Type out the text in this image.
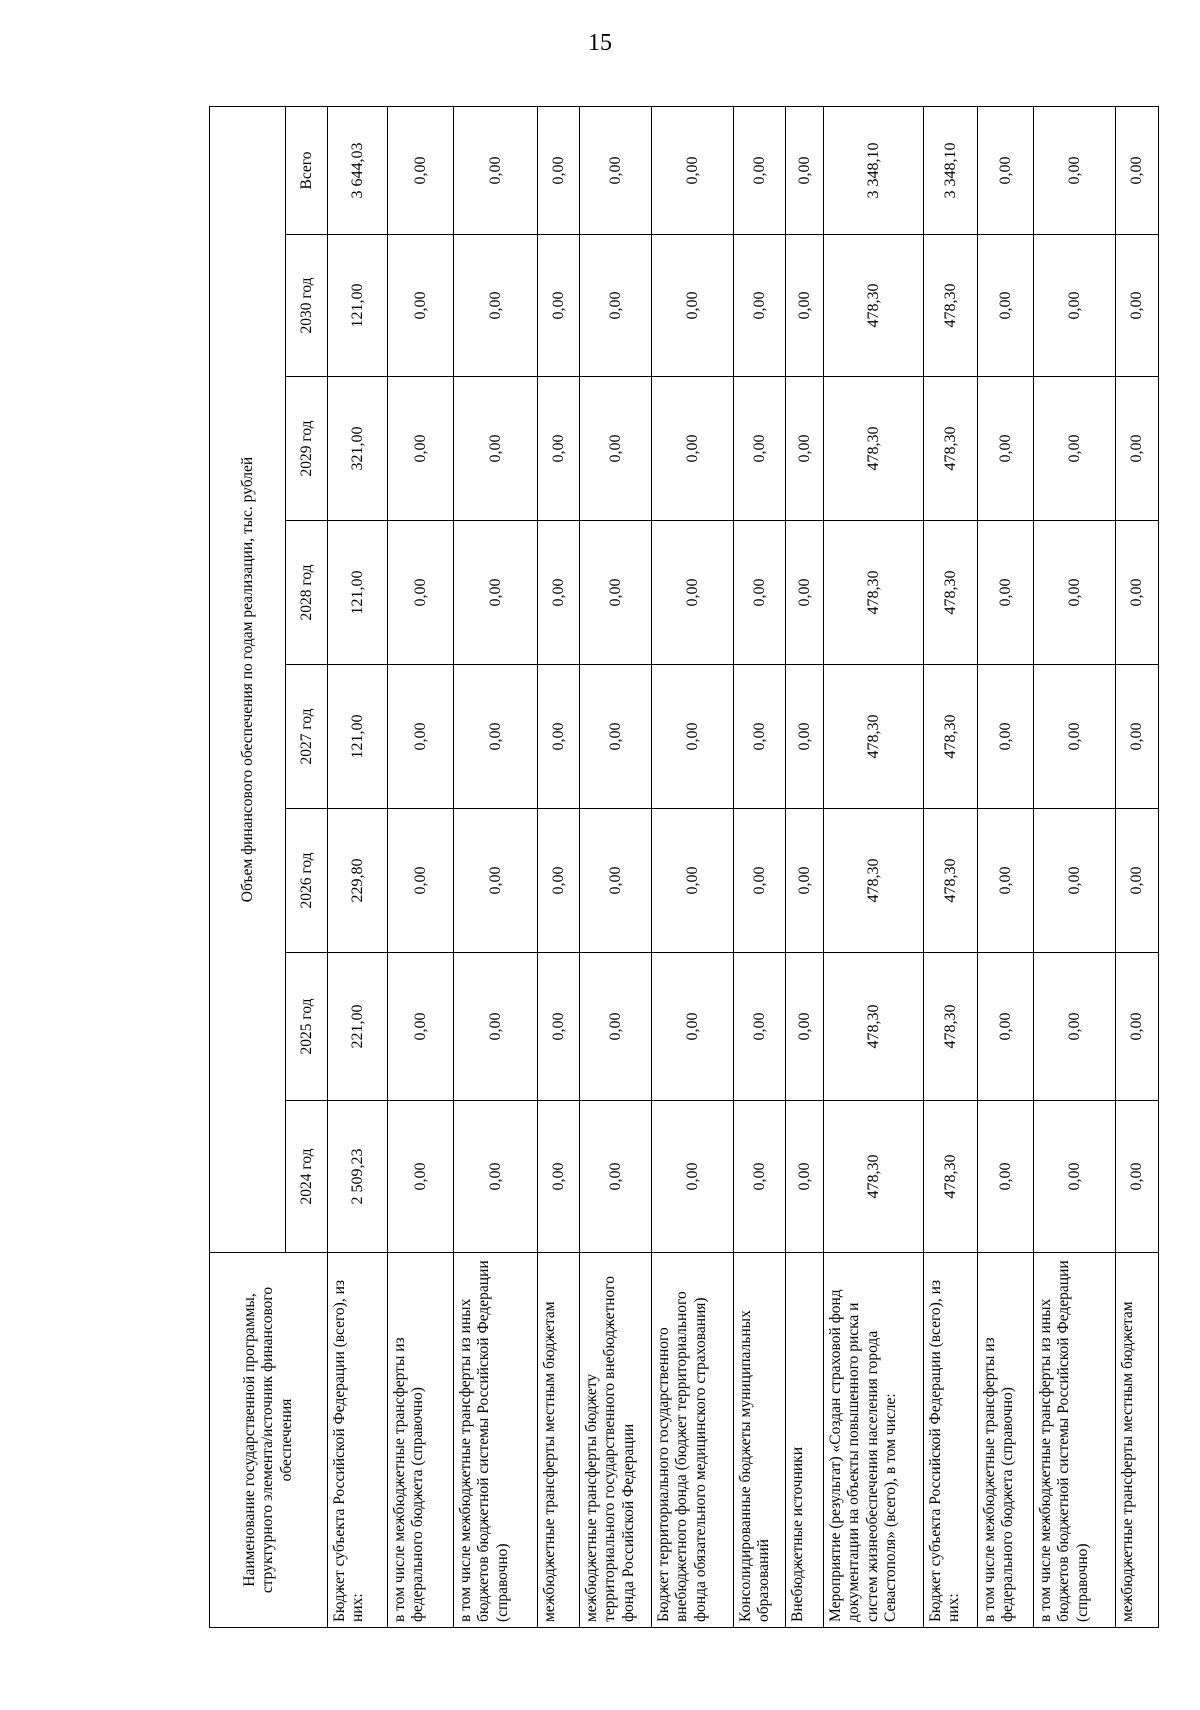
15
Наименование государственной программы, структурного элемента/источник финансового обеспечения	Объем финансового обеспечения по годам реализации, тыс. рублей							
	2024 год	2025 год	2026 год	2027 год	2028 год	2029 год	2030 год	Всего
Бюджет субъекта Российской Федерации (всего), из них:	2 509,23	221,00	229,80	121,00	121,00	321,00	121,00	3 644,03
в том числе межбюджетные трансферты из федерального бюджета (справочно)	0,00	0,00	0,00	0,00	0,00	0,00	0,00	0,00
в том числе межбюджетные трансферты из иных бюджетов бюджетной системы Российской Федерации (справочно)	0,00	0,00	0,00	0,00	0,00	0,00	0,00	0,00
межбюджетные трансферты местным бюджетам	0,00	0,00	0,00	0,00	0,00	0,00	0,00	0,00
межбюджетные трансферты бюджету территориального государственного внебюджетного фонда Российской Федерации	0,00	0,00	0,00	0,00	0,00	0,00	0,00	0,00
Бюджет территориального государственного внебюджетного фонда (бюджет территориального фонда обязательного медицинского страхования)	0,00	0,00	0,00	0,00	0,00	0,00	0,00	0,00
Консолидированные бюджеты муниципальных образований	0,00	0,00	0,00	0,00	0,00	0,00	0,00	0,00
Внебюджетные источники	0,00	0,00	0,00	0,00	0,00	0,00	0,00	0,00
Мероприятие (результат) «Создан страховой фонд документации на объекты повышенного риска и систем жизнеобеспечения населения города Севастополя» (всего), в том числе:	478,30	478,30	478,30	478,30	478,30	478,30	478,30	3 348,10
Бюджет субъекта Российской Федерации (всего), из них:	478,30	478,30	478,30	478,30	478,30	478,30	478,30	3 348,10
в том числе межбюджетные трансферты из федерального бюджета (справочно)	0,00	0,00	0,00	0,00	0,00	0,00	0,00	0,00
в том числе межбюджетные трансферты из иных бюджетов бюджетной системы Российской Федерации (справочно)	0,00	0,00	0,00	0,00	0,00	0,00	0,00	0,00
межбюджетные трансферты местным бюджетам	0,00	0,00	0,00	0,00	0,00	0,00	0,00	0,00
